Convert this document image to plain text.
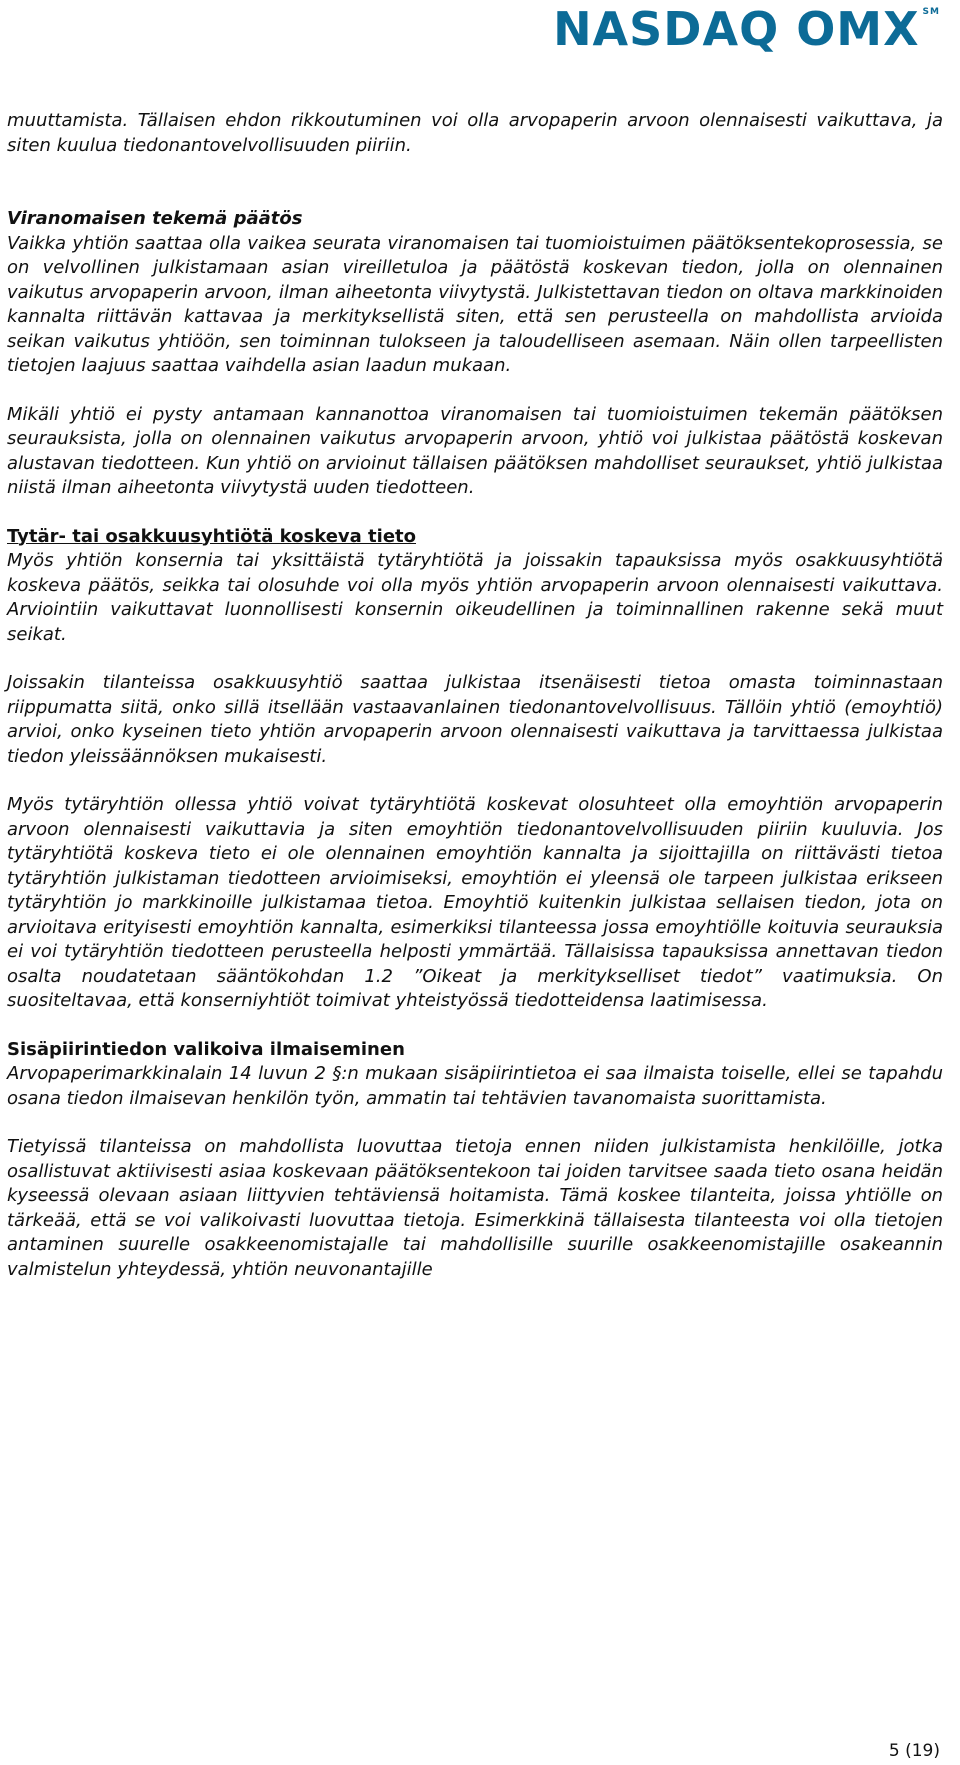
NASDAQ OMX SM

muuttamista. Tällaisen ehdon rikkoutuminen voi olla arvopaperin arvoon olennaisesti vaikuttava, ja siten kuulua tiedonantovelvollisuuden piiriin.

Viranomaisen tekemä päätös

Vaikka yhtiön saattaa olla vaikea seurata viranomaisen tai tuomioistuimen päätöksentekoprosessia, se on velvollinen julkistamaan asian vireilletuloa ja päätöstä koskevan tiedon, jolla on olennainen vaikutus arvopaperin arvoon, ilman aiheetonta viivytystä. Julkistettavan tiedon on oltava markkinoiden kannalta riittävän kattavaa ja merkityksellistä siten, että sen perusteella on mahdollista arvioida seikan vaikutus yhtiöön, sen toiminnan tulokseen ja taloudelliseen asemaan. Näin ollen tarpeellisten tietojen laajuus saattaa vaihdella asian laadun mukaan.

Mikäli yhtiö ei pysty antamaan kannanottoa viranomaisen tai tuomioistuimen tekemän päätöksen seurauksista, jolla on olennainen vaikutus arvopaperin arvoon, yhtiö voi julkistaa päätöstä koskevan alustavan tiedotteen. Kun yhtiö on arvioinut tällaisen päätöksen mahdolliset seuraukset, yhtiö julkistaa niistä ilman aiheetonta viivytystä uuden tiedotteen.

Tytär- tai osakkuusyhtiötä koskeva tieto

Myös yhtiön konsernia tai yksittäistä tytäryhtiötä ja joissakin tapauksissa myös osakkuusyhtiötä koskeva päätös, seikka tai olosuhde voi olla myös yhtiön arvopaperin arvoon olennaisesti vaikuttava. Arviointiin vaikuttavat luonnollisesti konsernin oikeudellinen ja toiminnallinen rakenne sekä muut seikat.

Joissakin tilanteissa osakkuusyhtiö saattaa julkistaa itsenäisesti tietoa omasta toiminnastaan riippumatta siitä, onko sillä itsellään vastaavanlainen tiedonantovelvollisuus. Tällöin yhtiö (emoyhtiö) arvioi, onko kyseinen tieto yhtiön arvopaperin arvoon olennaisesti vaikuttava ja tarvittaessa julkistaa tiedon yleissäännöksen mukaisesti.

Myös tytäryhtiön ollessa yhtiö voivat tytäryhtiötä koskevat olosuhteet olla emoyhtiön arvopaperin arvoon olennaisesti vaikuttavia ja siten emoyhtiön tiedonantovelvollisuuden piiriin kuuluvia. Jos tytäryhtiötä koskeva tieto ei ole olennainen emoyhtiön kannalta ja sijoittajilla on riittävästi tietoa tytäryhtiön julkistaman tiedotteen arvioimiseksi, emoyhtiön ei yleensä ole tarpeen julkistaa erikseen tytäryhtiön jo markkinoille julkistamaa tietoa. Emoyhtiö kuitenkin julkistaa sellaisen tiedon, jota on arvioitava erityisesti emoyhtiön kannalta, esimerkiksi tilanteessa jossa emoyhtiölle koituvia seurauksia ei voi tytäryhtiön tiedotteen perusteella helposti ymmärtää. Tällaisissa tapauksissa annettavan tiedon osalta noudatetaan sääntökohdan 1.2 ”Oikeat ja merkitykselliset tiedot” vaatimuksia. On suositeltavaa, että konserniyhtiöt toimivat yhteistyössä tiedotteidensa laatimisessa.

Sisäpiirintiedon valikoiva ilmaiseminen

Arvopaperimarkkinalain 14 luvun 2 §:n mukaan sisäpiirintietoa ei saa ilmaista toiselle, ellei se tapahdu osana tiedon ilmaisevan henkilön työn, ammatin tai tehtävien tavanomaista suorittamista.

Tietyissä tilanteissa on mahdollista luovuttaa tietoja ennen niiden julkistamista henkilöille, jotka osallistuvat aktiivisesti asiaa koskevaan päätöksentekoon tai joiden tarvitsee saada tieto osana heidän kyseessä olevaan asiaan liittyvien tehtäviensä hoitamista. Tämä koskee tilanteita, joissa yhtiölle on tärkeää, että se voi valikoivasti luovuttaa tietoja. Esimerkkinä tällaisesta tilanteesta voi olla tietojen antaminen suurelle osakkeenomistajalle tai mahdollisille suurille osakkeenomistajille osakeannin valmistelun yhteydessä, yhtiön neuvonantajille

5 (19)
